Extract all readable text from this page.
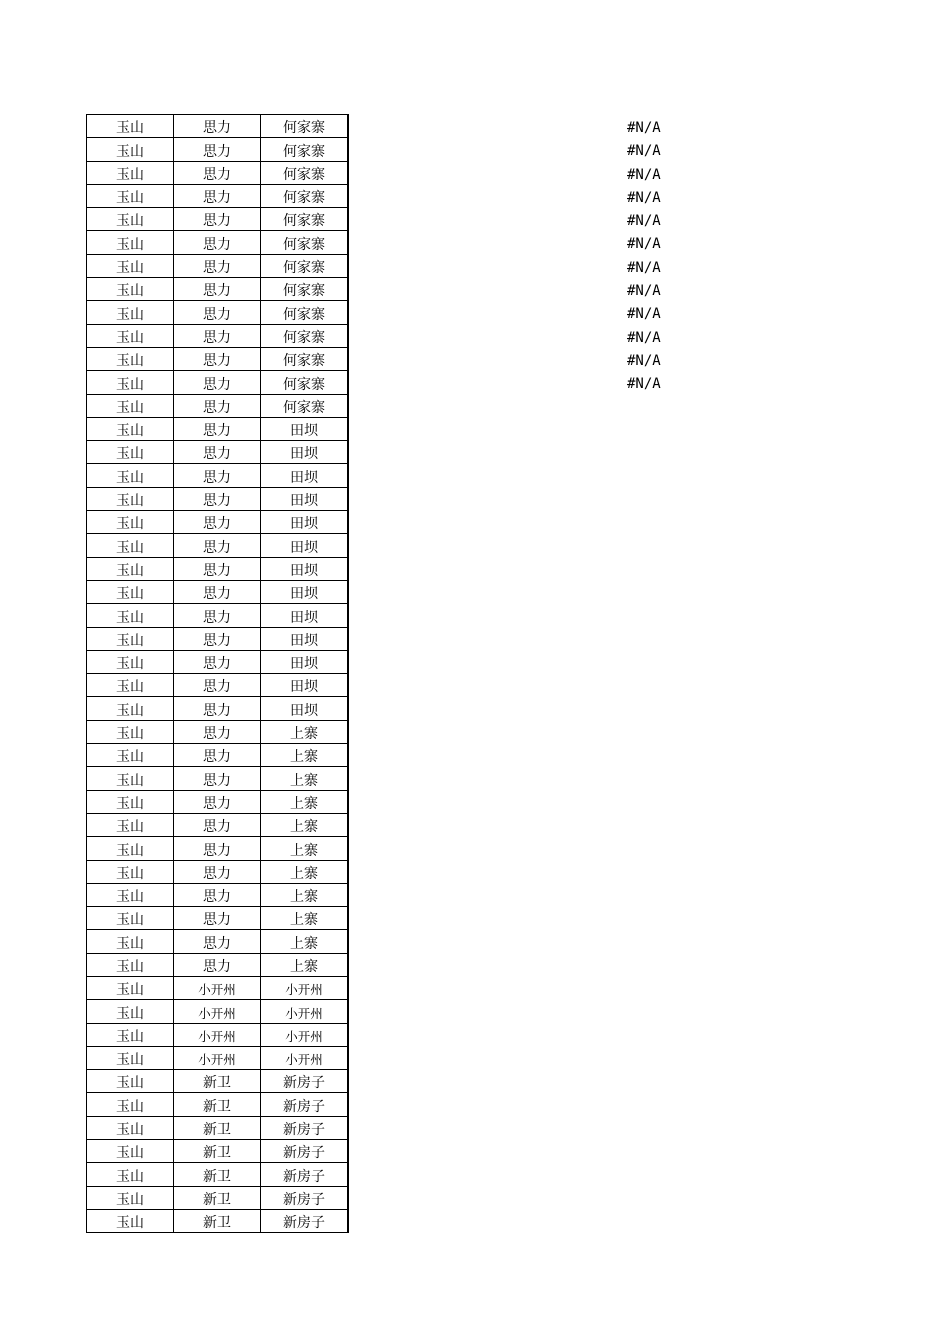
玉山	思力	何家寨
玉山	思力	何家寨
玉山	思力	何家寨
玉山	思力	何家寨
玉山	思力	何家寨
玉山	思力	何家寨
玉山	思力	何家寨
玉山	思力	何家寨
玉山	思力	何家寨
玉山	思力	何家寨
玉山	思力	何家寨
玉山	思力	何家寨
玉山	思力	何家寨
玉山	思力	田坝
玉山	思力	田坝
玉山	思力	田坝
玉山	思力	田坝
玉山	思力	田坝
玉山	思力	田坝
玉山	思力	田坝
玉山	思力	田坝
玉山	思力	田坝
玉山	思力	田坝
玉山	思力	田坝
玉山	思力	田坝
玉山	思力	田坝
玉山	思力	上寨
玉山	思力	上寨
玉山	思力	上寨
玉山	思力	上寨
玉山	思力	上寨
玉山	思力	上寨
玉山	思力	上寨
玉山	思力	上寨
玉山	思力	上寨
玉山	思力	上寨
玉山	思力	上寨
玉山	小开州	小开州
玉山	小开州	小开州
玉山	小开州	小开州
玉山	小开州	小开州
玉山	新卫	新房子
玉山	新卫	新房子
玉山	新卫	新房子
玉山	新卫	新房子
玉山	新卫	新房子
玉山	新卫	新房子
玉山	新卫	新房子
#N/A
#N/A
#N/A
#N/A
#N/A
#N/A
#N/A
#N/A
#N/A
#N/A
#N/A
#N/A
